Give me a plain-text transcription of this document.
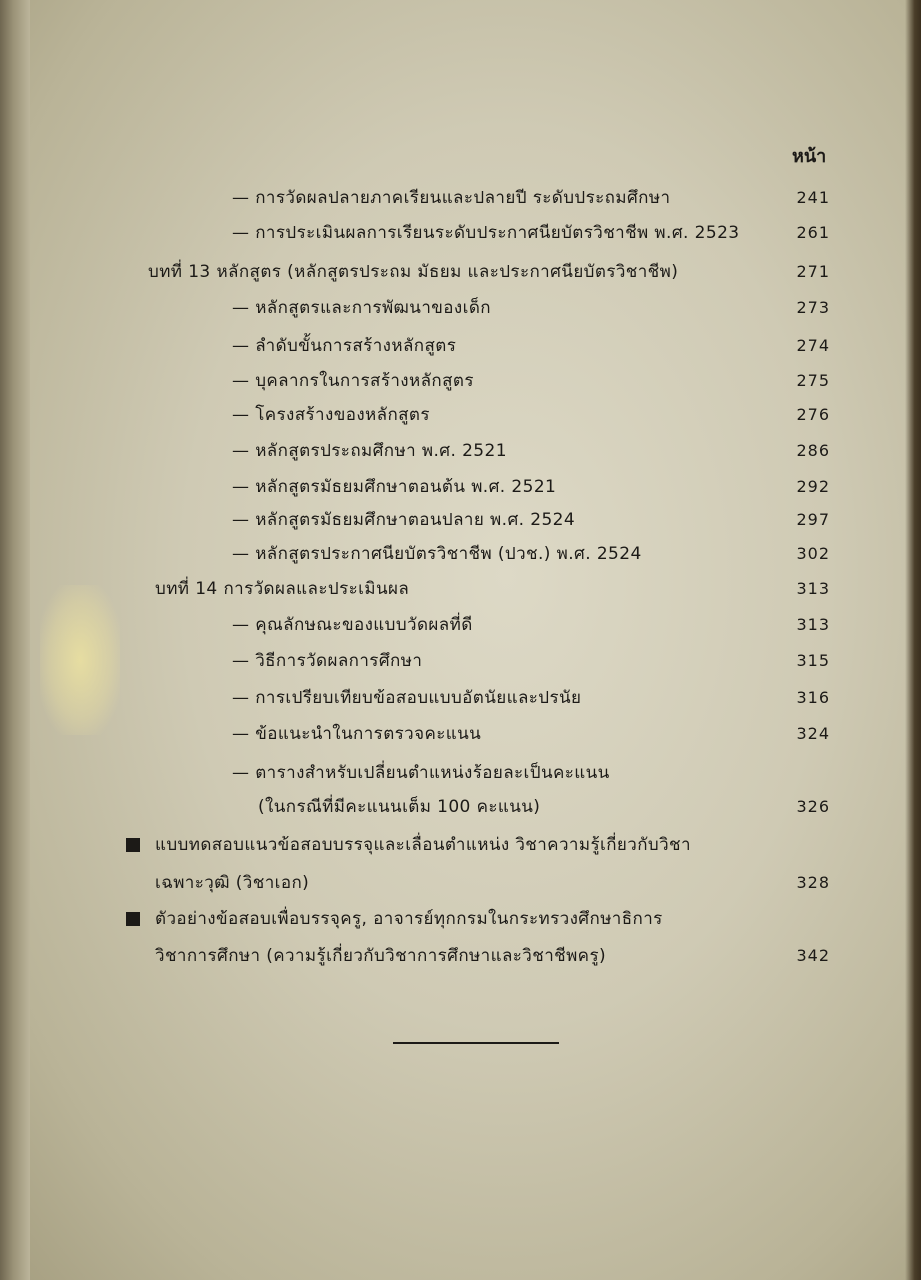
หน้า
— การวัดผลปลายภาคเรียนและปลายปี ระดับประถมศึกษา	241
— การประเมินผลการเรียนระดับประกาศนียบัตรวิชาชีพ พ.ศ. 2523	261
บทที่ 13 หลักสูตร (หลักสูตรประถม มัธยม และประกาศนียบัตรวิชาชีพ)	271
— หลักสูตรและการพัฒนาของเด็ก	273
— ลำดับขั้นการสร้างหลักสูตร	274
— บุคลากรในการสร้างหลักสูตร	275
— โครงสร้างของหลักสูตร	276
— หลักสูตรประถมศึกษา พ.ศ. 2521	286
— หลักสูตรมัธยมศึกษาตอนต้น พ.ศ. 2521	292
— หลักสูตรมัธยมศึกษาตอนปลาย พ.ศ. 2524	297
— หลักสูตรประกาศนียบัตรวิชาชีพ (ปวช.) พ.ศ. 2524	302
บทที่ 14 การวัดผลและประเมินผล	313
— คุณลักษณะของแบบวัดผลที่ดี	313
— วิธีการวัดผลการศึกษา	315
— การเปรียบเทียบข้อสอบแบบอัตนัยและปรนัย	316
— ข้อแนะนำในการตรวจคะแนน	324
— ตารางสำหรับเปลี่ยนตำแหน่งร้อยละเป็นคะแนน
(ในกรณีที่มีคะแนนเต็ม 100 คะแนน)	326
แบบทดสอบแนวข้อสอบบรรจุและเลื่อนตำแหน่ง วิชาความรู้เกี่ยวกับวิชา
เฉพาะวุฒิ (วิชาเอก)	328
ตัวอย่างข้อสอบเพื่อบรรจุครู, อาจารย์ทุกกรมในกระทรวงศึกษาธิการ
วิชาการศึกษา (ความรู้เกี่ยวกับวิชาการศึกษาและวิชาชีพครู)	342
